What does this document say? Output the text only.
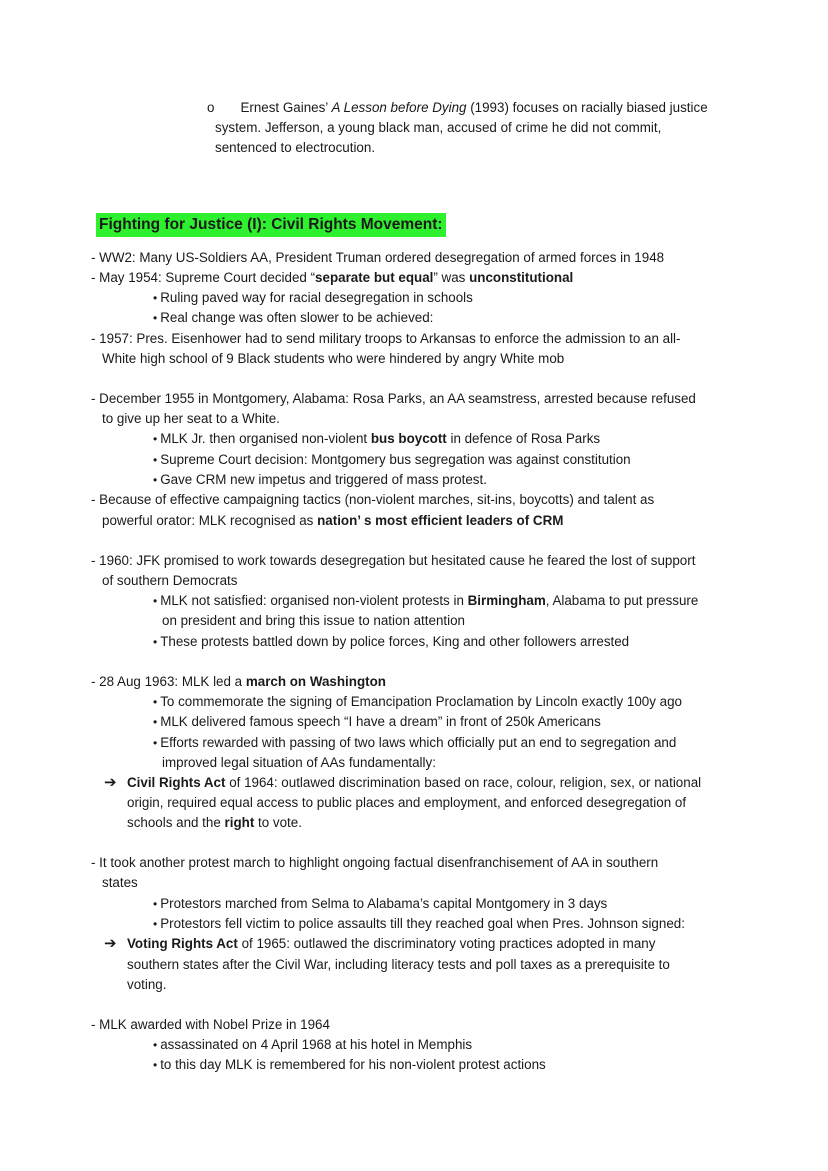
o Ernest Gaines’ A Lesson before Dying (1993) focuses on racially biased justice
system. Jefferson, a young black man, accused of crime he did not commit,
sentenced to electrocution.
Fighting for Justice (I): Civil Rights Movement:
- WW2: Many US-Soldiers AA, President Truman ordered desegregation of armed forces in 1948
- May 1954: Supreme Court decided “separate but equal” was unconstitutional
• Ruling paved way for racial desegregation in schools
• Real change was often slower to be achieved:
- 1957: Pres. Eisenhower had to send military troops to Arkansas to enforce the admission to an all-
White high school of 9 Black students who were hindered by angry White mob
- December 1955 in Montgomery, Alabama: Rosa Parks, an AA seamstress, arrested because refused
to give up her seat to a White.
• MLK Jr. then organised non-violent bus boycott in defence of Rosa Parks
• Supreme Court decision: Montgomery bus segregation was against constitution
• Gave CRM new impetus and triggered of mass protest.
- Because of effective campaigning tactics (non-violent marches, sit-ins, boycotts) and talent as
powerful orator: MLK recognised as nation’ s most efficient leaders of CRM
- 1960: JFK promised to work towards desegregation but hesitated cause he feared the lost of support
of southern Democrats
• MLK not satisfied: organised non-violent protests in Birmingham, Alabama to put pressure
on president and bring this issue to nation attention
• These protests battled down by police forces, King and other followers arrested
- 28 Aug 1963: MLK led a march on Washington
• To commemorate the signing of Emancipation Proclamation by Lincoln exactly 100y ago
• MLK delivered famous speech “I have a dream” in front of 250k Americans
• Efforts rewarded with passing of two laws which officially put an end to segregation and
improved legal situation of AAs fundamentally:
➔ Civil Rights Act of 1964: outlawed discrimination based on race, colour, religion, sex, or national
origin, required equal access to public places and employment, and enforced desegregation of
schools and the right to vote.
- It took another protest march to highlight ongoing factual disenfranchisement of AA in southern
states
• Protestors marched from Selma to Alabama’s capital Montgomery in 3 days
• Protestors fell victim to police assaults till they reached goal when Pres. Johnson signed:
➔ Voting Rights Act of 1965: outlawed the discriminatory voting practices adopted in many
southern states after the Civil War, including literacy tests and poll taxes as a prerequisite to
voting.
- MLK awarded with Nobel Prize in 1964
• assassinated on 4 April 1968 at his hotel in Memphis
• to this day MLK is remembered for his non-violent protest actions
